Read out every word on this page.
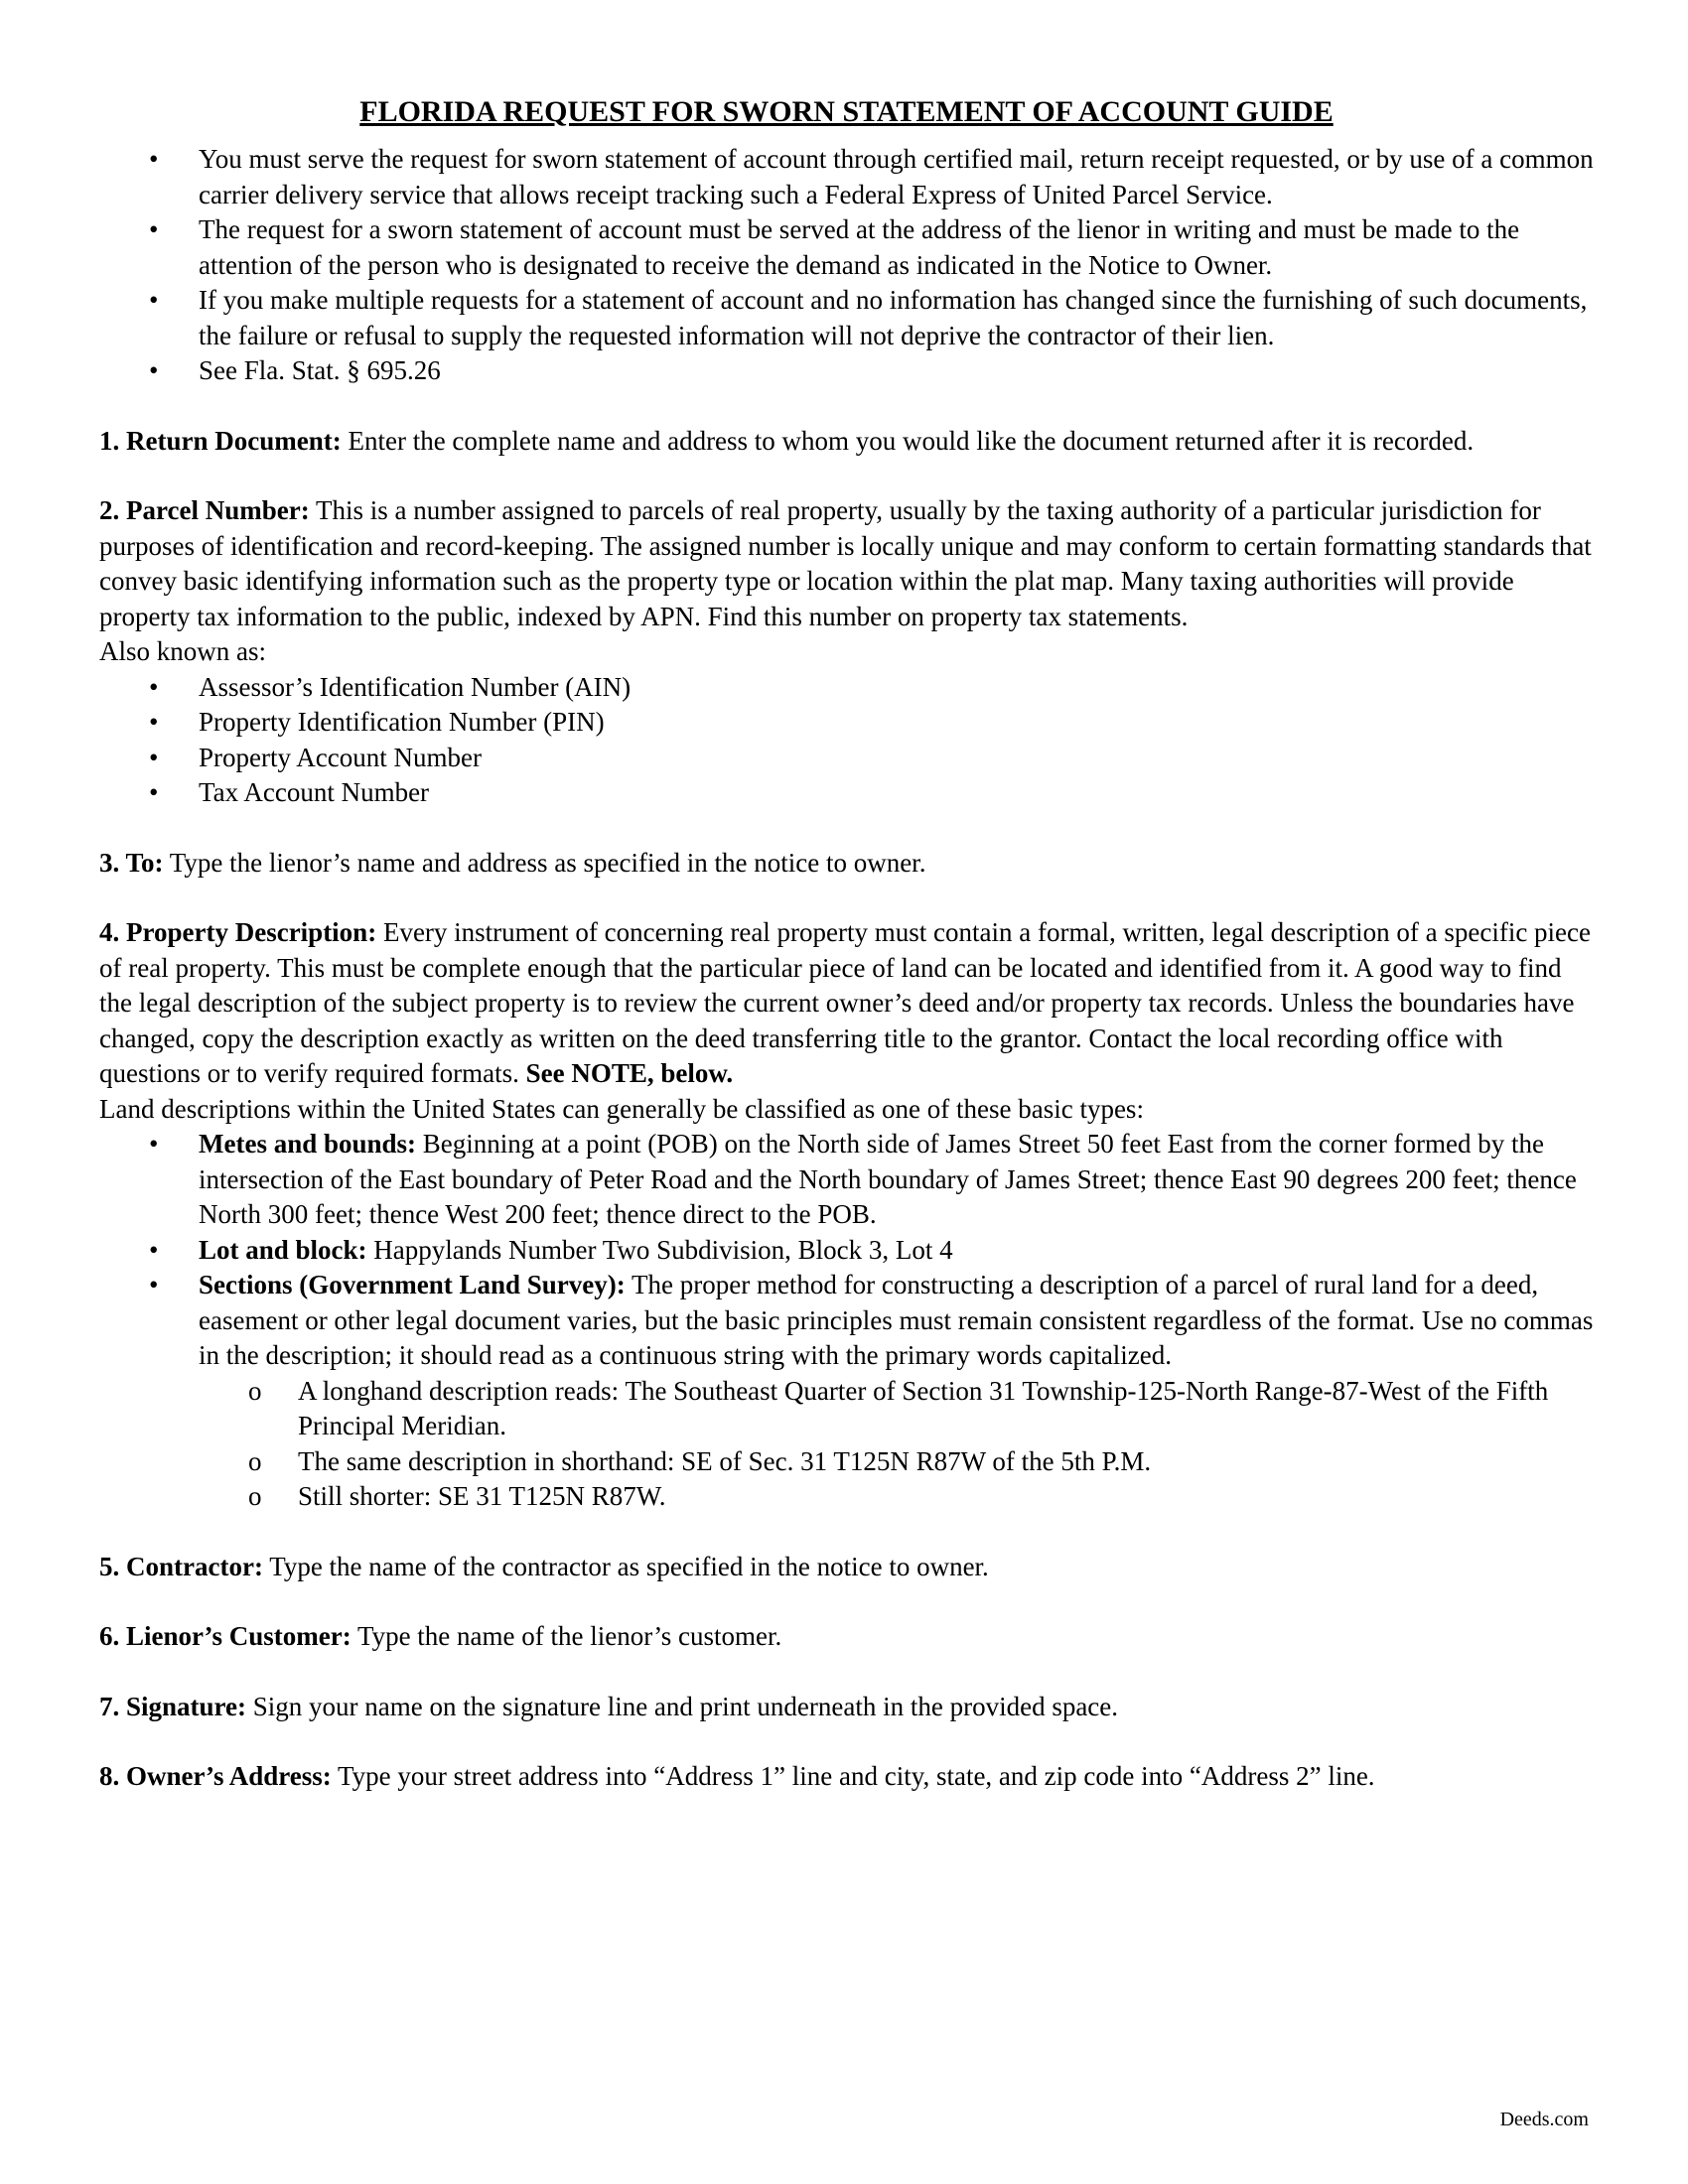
FLORIDA REQUEST FOR SWORN STATEMENT OF ACCOUNT GUIDE
• You must serve the request for sworn statement of account through certified mail, return receipt requested, or by use of a common carrier delivery service that allows receipt tracking such a Federal Express of United Parcel Service.
• The request for a sworn statement of account must be served at the address of the lienor in writing and must be made to the attention of the person who is designated to receive the demand as indicated in the Notice to Owner.
• If you make multiple requests for a statement of account and no information has changed since the furnishing of such documents, the failure or refusal to supply the requested information will not deprive the contractor of their lien.
• See Fla. Stat. § 695.26

1. Return Document: Enter the complete name and address to whom you would like the document returned after it is recorded.

2. Parcel Number: This is a number assigned to parcels of real property, usually by the taxing authority of a particular jurisdiction for purposes of identification and record-keeping. The assigned number is locally unique and may conform to certain formatting standards that convey basic identifying information such as the property type or location within the plat map. Many taxing authorities will provide property tax information to the public, indexed by APN. Find this number on property tax statements.

Also known as:

• Assessor’s Identification Number (AIN)
• Property Identification Number (PIN)
• Property Account Number
• Tax Account Number

3. To: Type the lienor’s name and address as specified in the notice to owner.

4. Property Description: Every instrument of concerning real property must contain a formal, written, legal description of a specific piece of real property. This must be complete enough that the particular piece of land can be located and identified from it. A good way to find the legal description of the subject property is to review the current owner’s deed and/or property tax records. Unless the boundaries have changed, copy the description exactly as written on the deed transferring title to the grantor. Contact the local recording office with questions or to verify required formats. See NOTE, below.

Land descriptions within the United States can generally be classified as one of these basic types:

• Metes and bounds: Beginning at a point (POB) on the North side of James Street 50 feet East from the corner formed by the intersection of the East boundary of Peter Road and the North boundary of James Street; thence East 90 degrees 200 feet; thence North 300 feet; thence West 200 feet; thence direct to the POB.
• Lot and block: Happylands Number Two Subdivision, Block 3, Lot 4
• Sections (Government Land Survey): The proper method for constructing a description of a parcel of rural land for a deed, easement or other legal document varies, but the basic principles must remain consistent regardless of the format. Use no commas in the description; it should read as a continuous string with the primary words capitalized.
o A longhand description reads: The Southeast Quarter of Section 31 Township-125-North Range-87-West of the Fifth Principal Meridian.
o The same description in shorthand: SE of Sec. 31 T125N R87W of the 5th P.M.
o Still shorter: SE 31 T125N R87W.

5. Contractor: Type the name of the contractor as specified in the notice to owner.

6. Lienor’s Customer: Type the name of the lienor’s customer.

7. Signature: Sign your name on the signature line and print underneath in the provided space.

8. Owner’s Address: Type your street address into “Address 1” line and city, state, and zip code into “Address 2” line.

Deeds.com
